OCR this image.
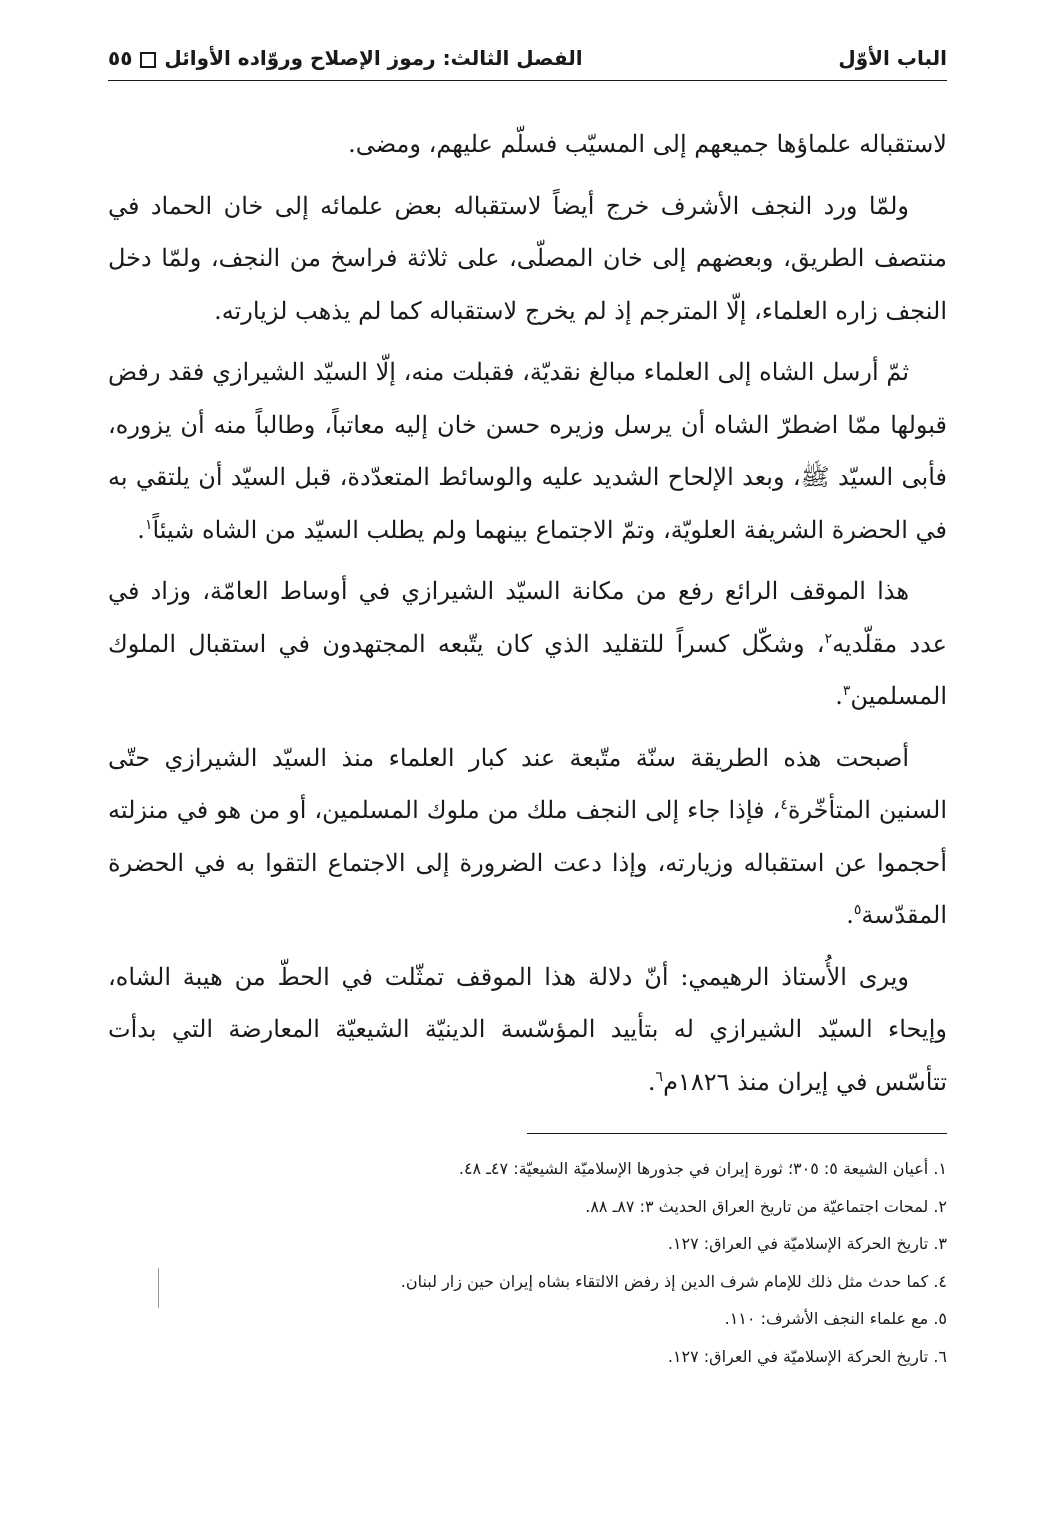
الباب الأوّل
الفصل الثالث: رموز الإصلاح وروّاده الأوائل٥٥

لاستقباله علماؤها جميعهم إلى المسيّب فسلّم عليهم، ومضى.

ولمّا ورد النجف الأشرف خرج أيضاً لاستقباله بعض علمائه إلى خان الحماد في منتصف الطريق، وبعضهم إلى خان المصلّى، على ثلاثة فراسخ من النجف، ولمّا دخل النجف زاره العلماء، إلّا المترجم إذ لم يخرج لاستقباله كما لم يذهب لزيارته.

ثمّ أرسل الشاه إلى العلماء مبالغ نقديّة، فقبلت منه، إلّا السيّد الشيرازي فقد رفض قبولها ممّا اضطرّ الشاه أن يرسل وزيره حسن خان إليه معاتباً، وطالباً منه أن يزوره، فأبى السيّد ﷺ، وبعد الإلحاح الشديد عليه والوسائط المتعدّدة، قبل السيّد أن يلتقي به في الحضرة الشريفة العلويّة، وتمّ الاجتماع بينهما ولم يطلب السيّد من الشاه شيئاً$^١$.

هذا الموقف الرائع رفع من مكانة السيّد الشيرازي في أوساط العامّة، وزاد في عدد مقلّديه$^٢$، وشكّل كسراً للتقليد الذي كان يتّبعه المجتهدون في استقبال الملوك المسلمين$^٣$.

أصبحت هذه الطريقة سنّة متّبعة عند كبار العلماء منذ السيّد الشيرازي حتّى السنين المتأخّرة$^٤$، فإذا جاء إلى النجف ملك من ملوك المسلمين، أو من هو في منزلته أحجموا عن استقباله وزيارته، وإذا دعت الضرورة إلى الاجتماع التقوا به في الحضرة المقدّسة$^٥$.

ويرى الأُستاذ الرهيمي: أنّ دلالة هذا الموقف تمثّلت في الحطّ من هيبة الشاه، وإيحاء السيّد الشيرازي له بتأييد المؤسّسة الدينيّة الشيعيّة المعارضة التي بدأت تتأسّس في إيران منذ ١٨٢٦م$^٦$.

١. أعيان الشيعة ٥: ٣٠٥؛ ثورة إيران في جذورها الإسلاميّة الشيعيّة: ٤٧ـ ٤٨.

٢. لمحات اجتماعيّة من تاريخ العراق الحديث ٣: ٨٧ـ ٨٨.

٣. تاريخ الحركة الإسلاميّة في العراق: ١٢٧.

٤. كما حدث مثل ذلك للإمام شرف الدين إذ رفض الالتقاء بشاه إيران حين زار لبنان.

٥. مع علماء النجف الأشرف: ١١٠.

٦. تاريخ الحركة الإسلاميّة في العراق: ١٢٧.
